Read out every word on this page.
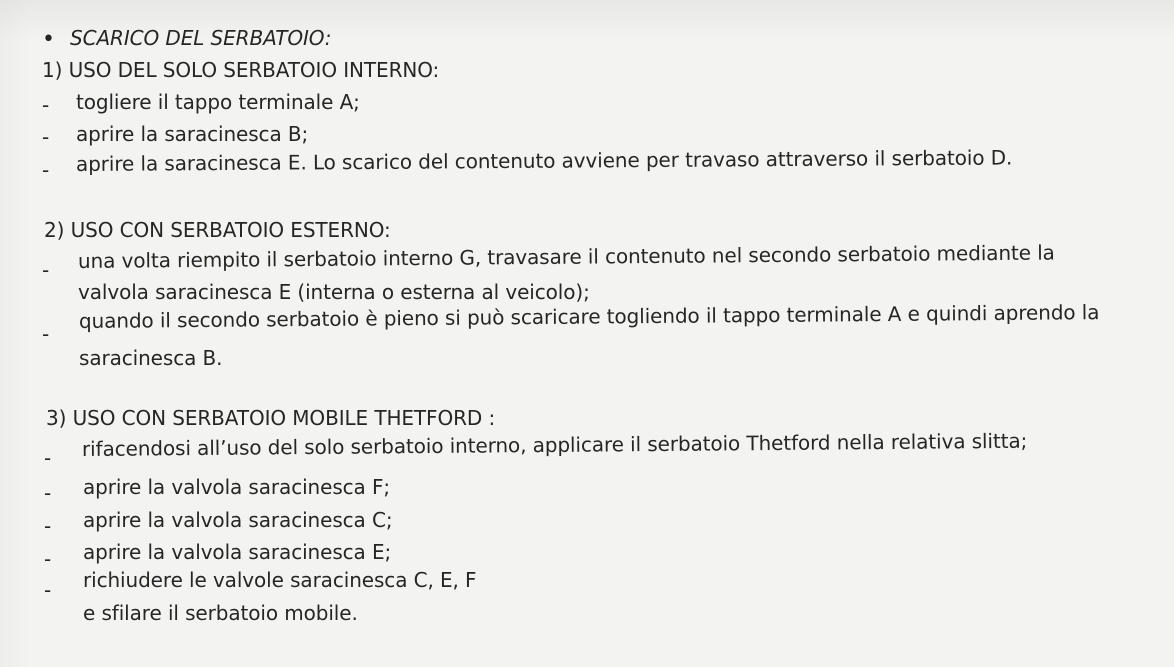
• SCARICO DEL SERBATOIO:
1) USO DEL SOLO SERBATOIO INTERNO:
- togliere il tappo terminale A;
- aprire la saracinesca B;
- aprire la saracinesca E. Lo scarico del contenuto avviene per travaso attraverso il serbatoio D.
2) USO CON SERBATOIO ESTERNO:
- una volta riempito il serbatoio interno G, travasare il contenuto nel secondo serbatoio mediante la
valvola saracinesca E (interna o esterna al veicolo);
-
quando il secondo serbatoio è pieno si può scaricare togliendo il tappo terminale A e quindi aprendo la
saracinesca B.
3) USO CON SERBATOIO MOBILE THETFORD :
- rifacendosi all’uso del solo serbatoio interno, applicare il serbatoio Thetford nella relativa slitta;
- aprire la valvola saracinesca F;
- aprire la valvola saracinesca C;
- aprire la valvola saracinesca E;
- richiudere le valvole saracinesca C, E, F
e sfilare il serbatoio mobile.
